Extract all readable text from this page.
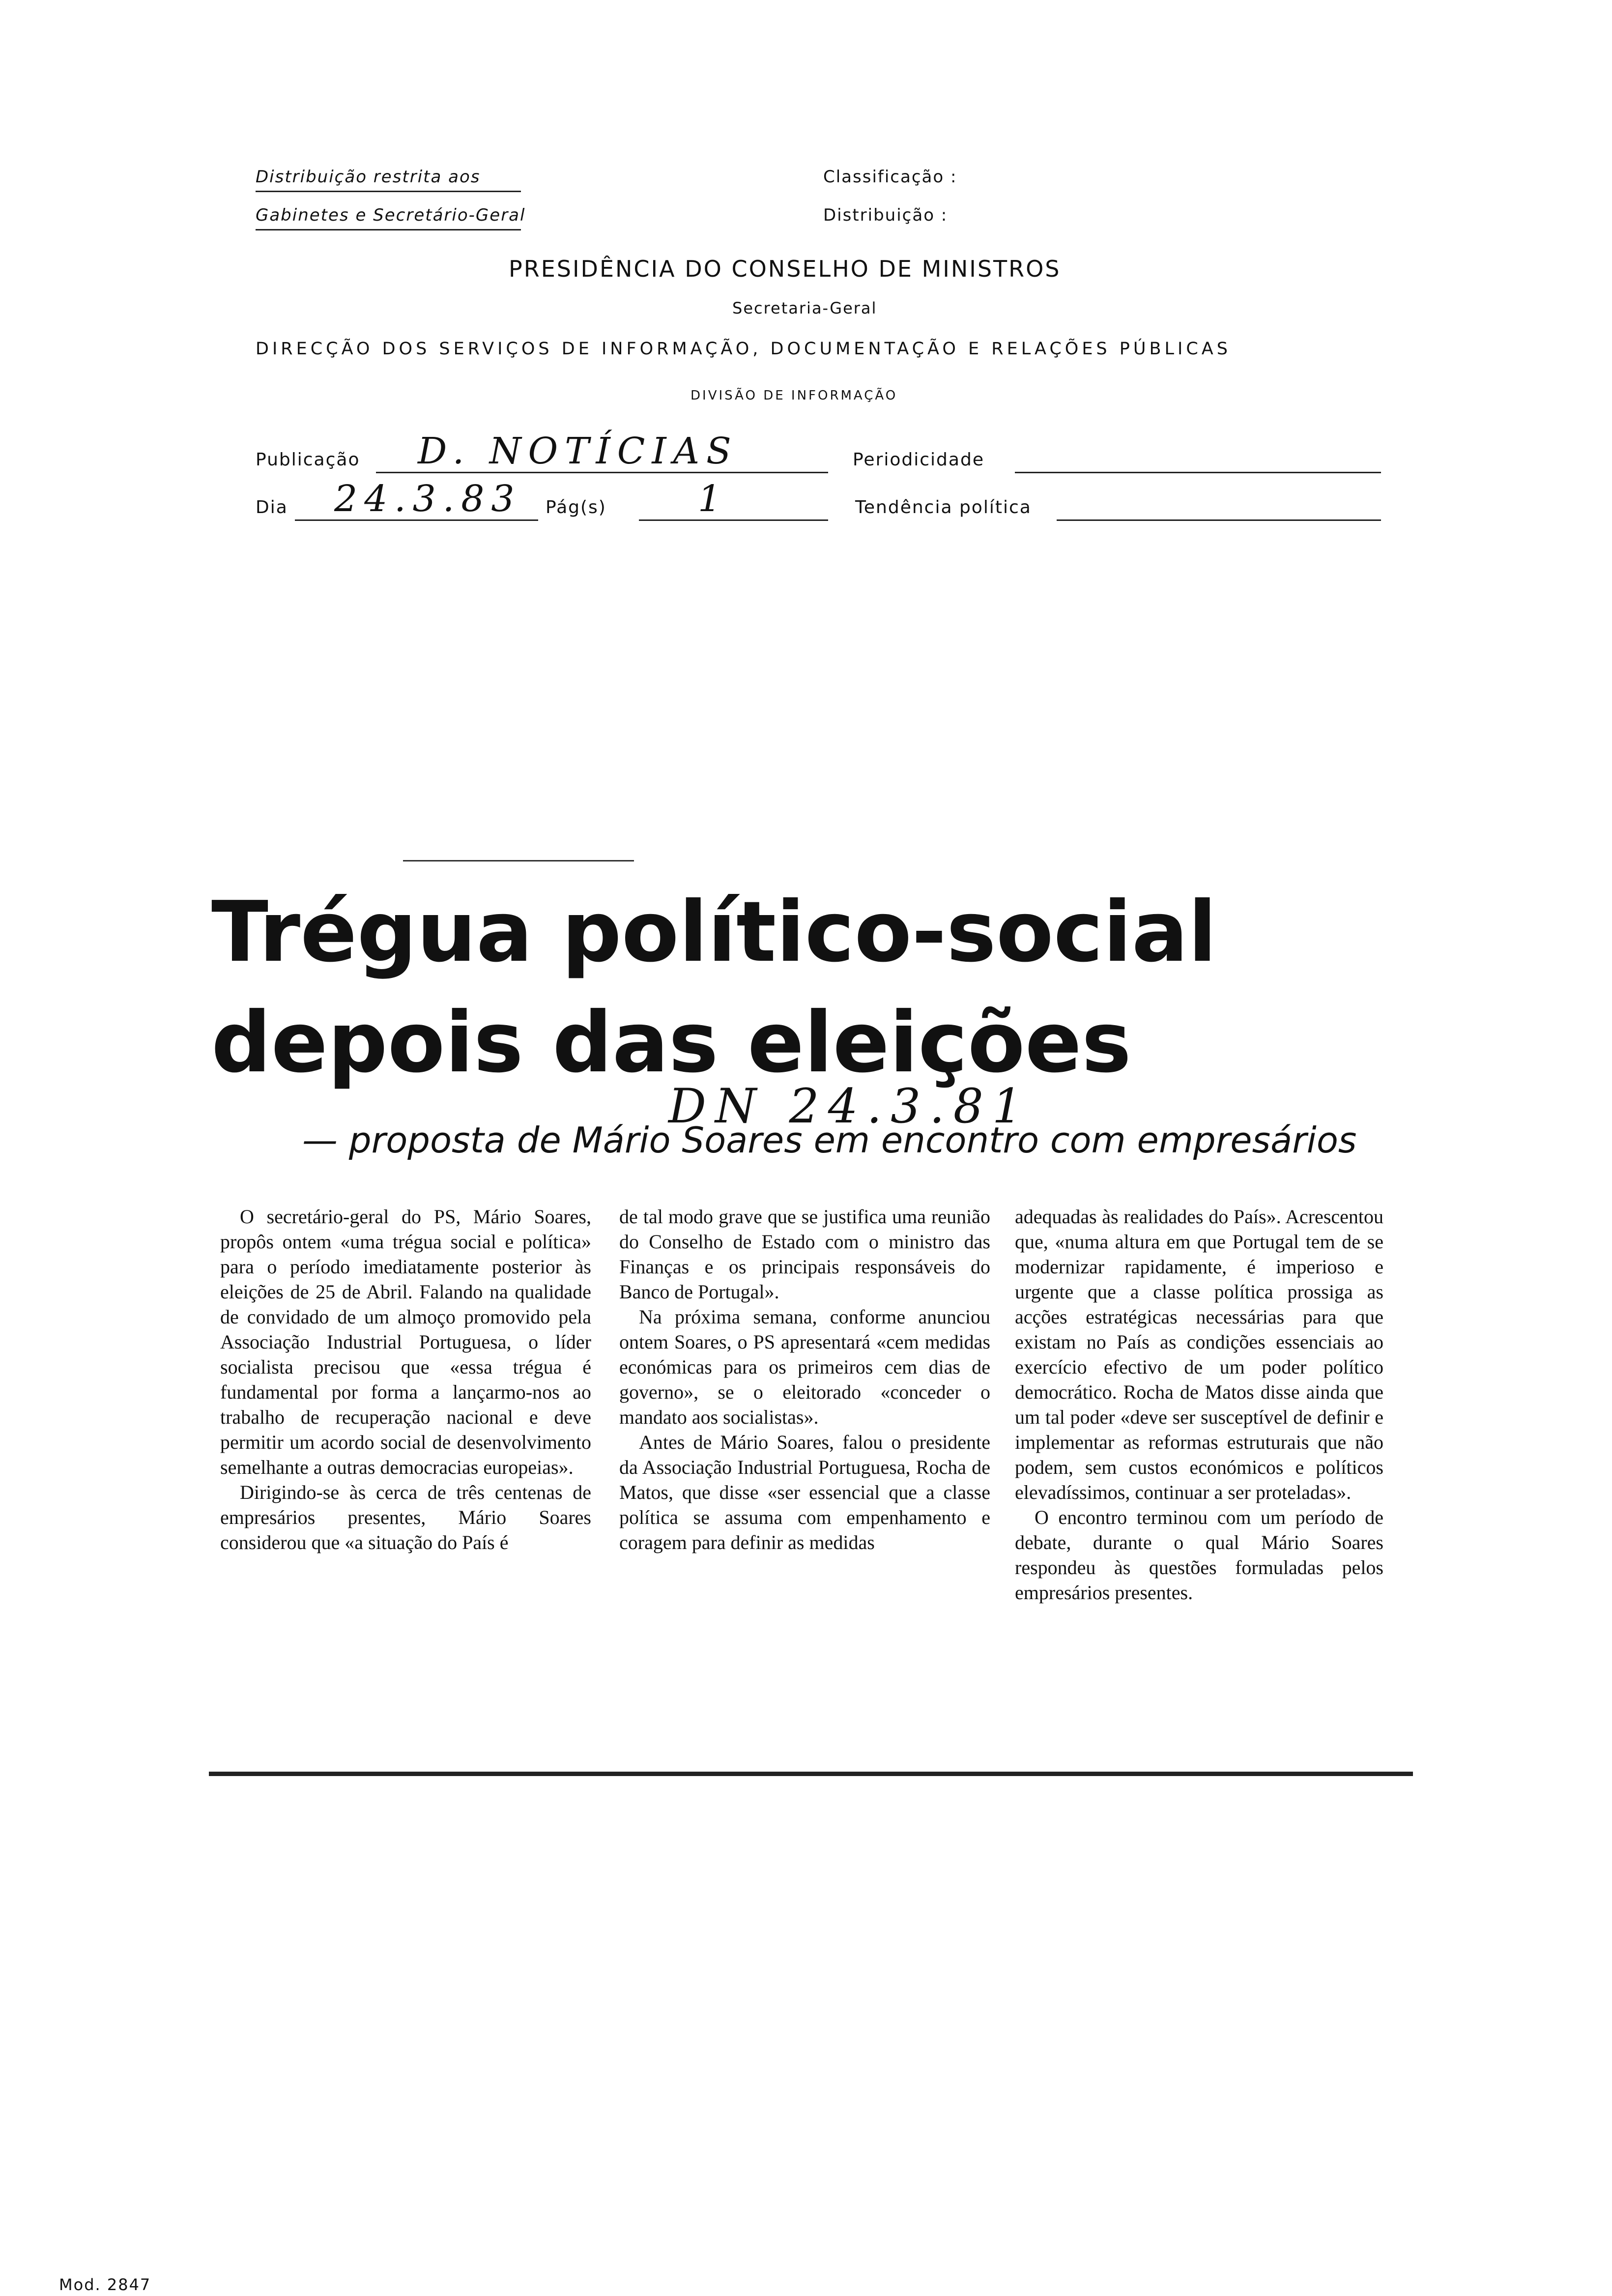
Distribuição restrita aos
Gabinetes e Secretário-Geral
Classificação :
Distribuição :
PRESIDÊNCIA DO CONSELHO DE MINISTROS
Secretaria-Geral
DIRECÇÃO DOS SERVIÇOS DE INFORMAÇÃO, DOCUMENTAÇÃO E RELAÇÕES PÚBLICAS
DIVISÃO DE INFORMAÇÃO
Publicação D. NOTÍCIAS	Periodicidade
Dia 24.3.83 Pág(s)	1	Tendência política
Trégua político-social
depois das eleições
DN 24.3.81
— proposta de Mário Soares em encontro com empresários

O secretário-geral do PS, Mário Soares, propôs ontem «uma trégua social e política» para o período imediatamente posterior às eleições de 25 de Abril. Falando na qualidade de convidado de um almoço promovido pela Associação Industrial Portuguesa, o líder socialista precisou que «essa trégua é fundamental por forma a lançarmo-nos ao trabalho de recuperação nacional e deve permitir um acordo social de desenvolvimento semelhante a outras democracias europeias».

Dirigindo-se às cerca de três centenas de empresários presentes, Mário Soares considerou que «a situação do País é

de tal modo grave que se justifica uma reunião do Conselho de Estado com o ministro das Finanças e os principais responsáveis do Banco de Portugal».

Na próxima semana, conforme anunciou ontem Soares, o PS apresentará «cem medidas económicas para os primeiros cem dias de governo», se o eleitorado «conceder o mandato aos socialistas».

Antes de Mário Soares, falou o presidente da Associação Industrial Portuguesa, Rocha de Matos, que disse «ser essencial que a classe política se assuma com empenhamento e coragem para definir as medidas

adequadas às realidades do País». Acrescentou que, «numa altura em que Portugal tem de se modernizar rapidamente, é imperioso e urgente que a classe política prossiga as acções estratégicas necessárias para que existam no País as condições essenciais ao exercício efectivo de um poder político democrático. Rocha de Matos disse ainda que um tal poder «deve ser susceptível de definir e implementar as reformas estruturais que não podem, sem custos económicos e políticos elevadíssimos, continuar a ser proteladas».

O encontro terminou com um período de debate, durante o qual Mário Soares respondeu às questões formuladas pelos empresários presentes.

Mod. 2847
